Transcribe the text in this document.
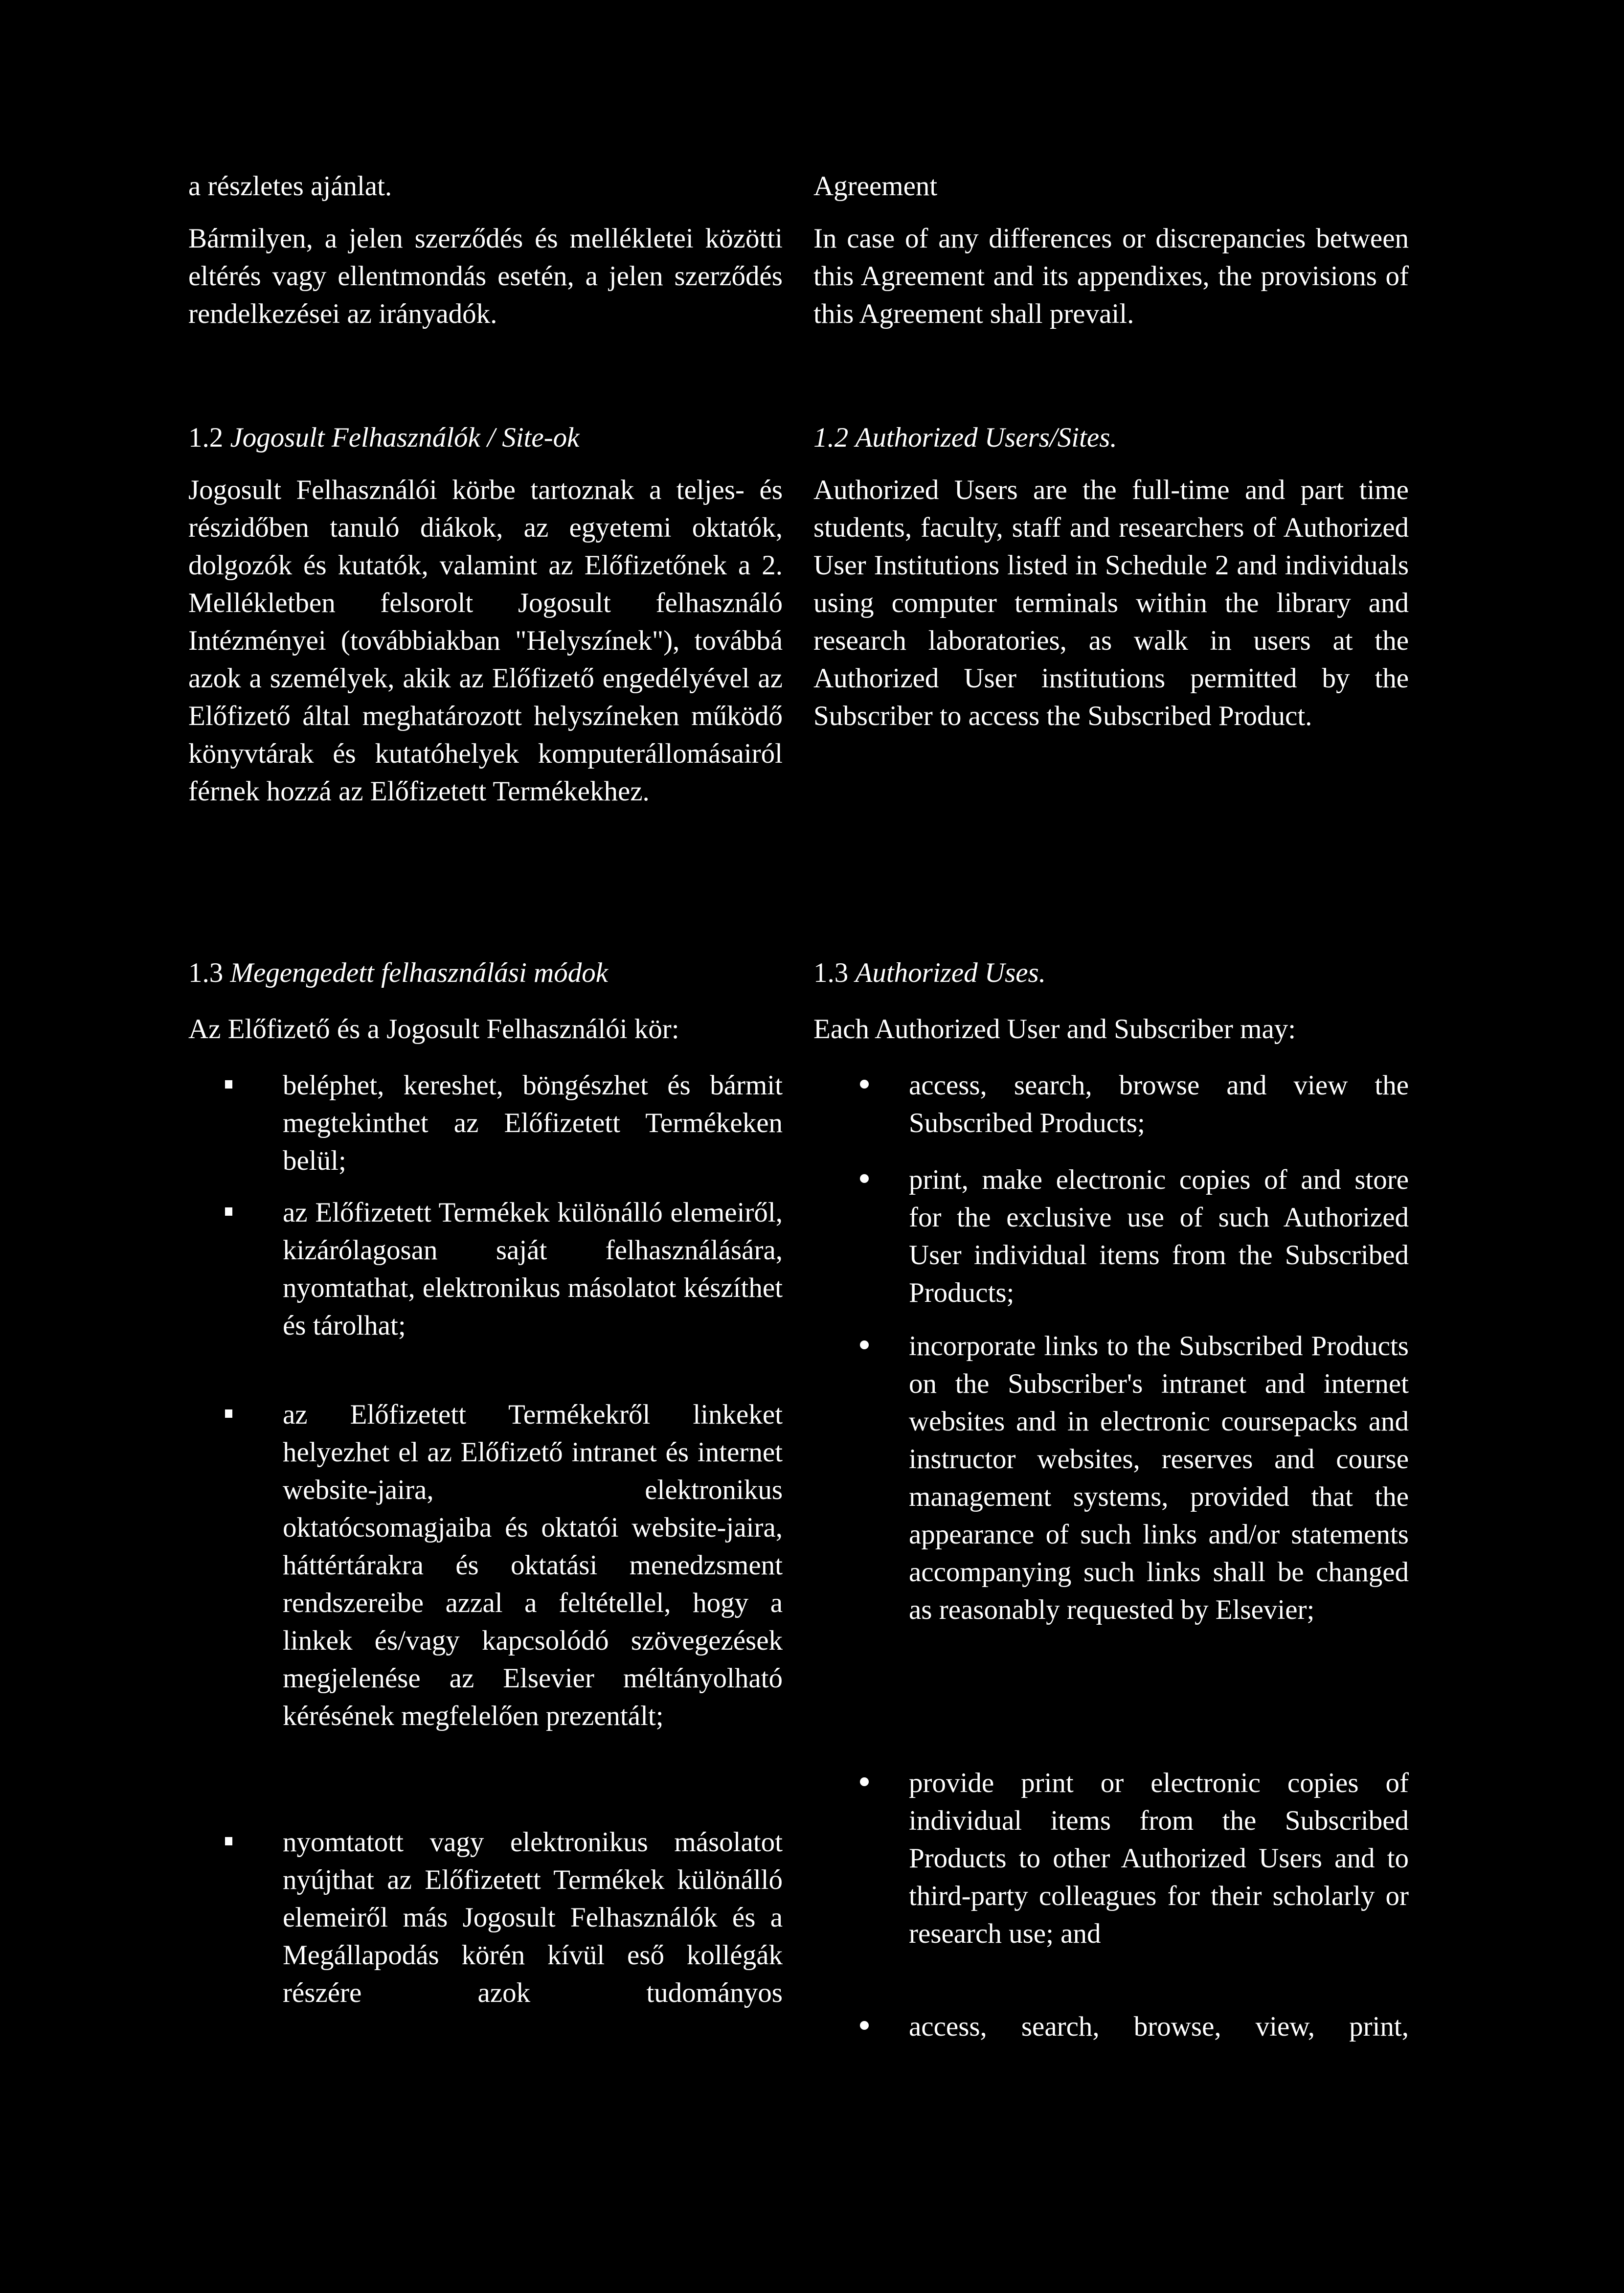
a részletes ajánlat.

Bármilyen, a jelen szerződés és mellékletei közötti eltérés vagy ellentmondás esetén, a jelen szerződés rendelkezései az irányadók.

1.2 Jogosult Felhasználók / Site-ok

Jogosult Felhasználói körbe tartoznak a teljes- és részidőben tanuló diákok, az egyetemi oktatók, dolgozók és kutatók, valamint az Előfizetőnek a 2. Mellékletben felsorolt Jogosult felhasználó Intézményei (továbbiakban "Helyszínek"), továbbá azok a személyek, akik az Előfizető engedélyével az Előfizető által meghatározott helyszíneken működő könyvtárak és kutatóhelyek komputerállomásairól férnek hozzá az Előfizetett Termékekhez.

1.3 Megengedett felhasználási módok

Az Előfizető és a Jogosult Felhasználói kör:

beléphet, kereshet, böngészhet és bármit megtekinthet az Előfizetett Termékeken belül;

az Előfizetett Termékek különálló elemeiről, kizárólagosan saját felhasználására, nyomtathat, elektronikus másolatot készíthet és tárolhat;

az Előfizetett Termékekről linkeket helyezhet el az Előfizető intranet és internet website-jaira, elektronikus oktatócsomagjaiba és oktatói website-jaira, háttértárakra és oktatási menedzsment rendszereibe azzal a feltétellel, hogy a linkek és/vagy kapcsolódó szövegezések megjelenése az Elsevier méltányolható kérésének megfelelően prezentált;

nyomtatott vagy elektronikus másolatot nyújthat az Előfizetett Termékek különálló elemeiről más Jogosult Felhasználók és a Megállapodás körén kívül eső kollégák részére azok tudományos

Agreement

In case of any differences or discrepancies between this Agreement and its appendixes, the provisions of this Agreement shall prevail.

1.2 Authorized Users/Sites.

Authorized Users are the full-time and part time students, faculty, staff and researchers of Authorized User Institutions listed in Schedule 2 and individuals using computer terminals within the library and research laboratories, as walk in users at the Authorized User institutions permitted by the Subscriber to access the Subscribed Product.

1.3 Authorized Uses.

Each Authorized User and Subscriber may:

access, search, browse and view the Subscribed Products;

print, make electronic copies of and store for the exclusive use of such Authorized User individual items from the Subscribed Products;

incorporate links to the Subscribed Products on the Subscriber's intranet and internet websites and in electronic coursepacks and instructor websites, reserves and course management systems, provided that the appearance of such links and/or statements accompanying such links shall be changed as reasonably requested by Elsevier;

provide print or electronic copies of individual items from the Subscribed Products to other Authorized Users and to third-party colleagues for their scholarly or research use; and

access, search, browse, view, print,
